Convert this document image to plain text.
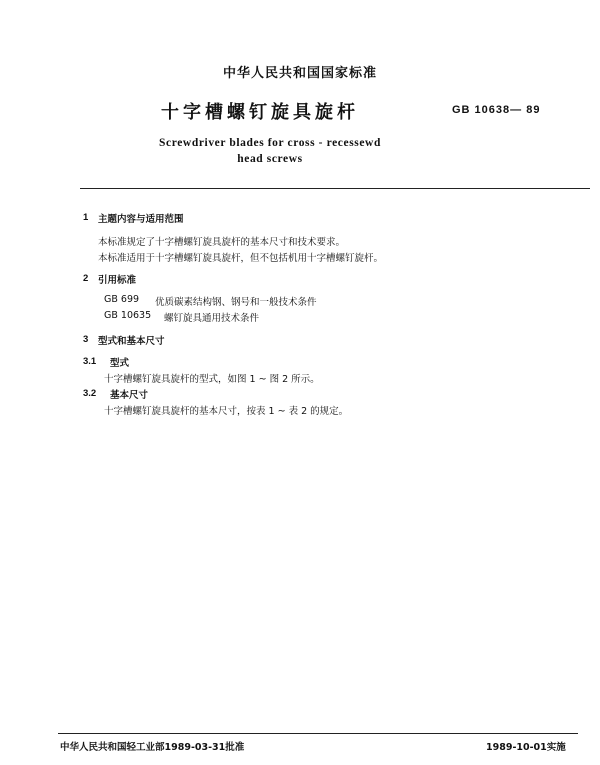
中华人民共和国国家标准
十字槽螺钉旋具旋杆	GB 10638— 89
Screwdriver blades for cross - recessewd
head screws
1 主题内容与适用范围
本标准规定了十字槽螺钉旋具旋杆的基本尺寸和技术要求。
本标准适用于十字槽螺钉旋具旋杆，但不包括机用十字槽螺钉旋杆。
2 引用标准
GB 699 优质碳素结构钢、钢号和一般技术条件
GB 10635 螺钉旋具通用技术条件
3 型式和基本尺寸
3.1 型式
十字槽螺钉旋具旋杆的型式，如图 1 ~ 图 2 所示。
3.2 基本尺寸
十字槽螺钉旋具旋杆的基本尺寸，按表 1 ~ 表 2 的规定。
中华人民共和国轻工业部1989-03-31批准	1989-10-01实施
